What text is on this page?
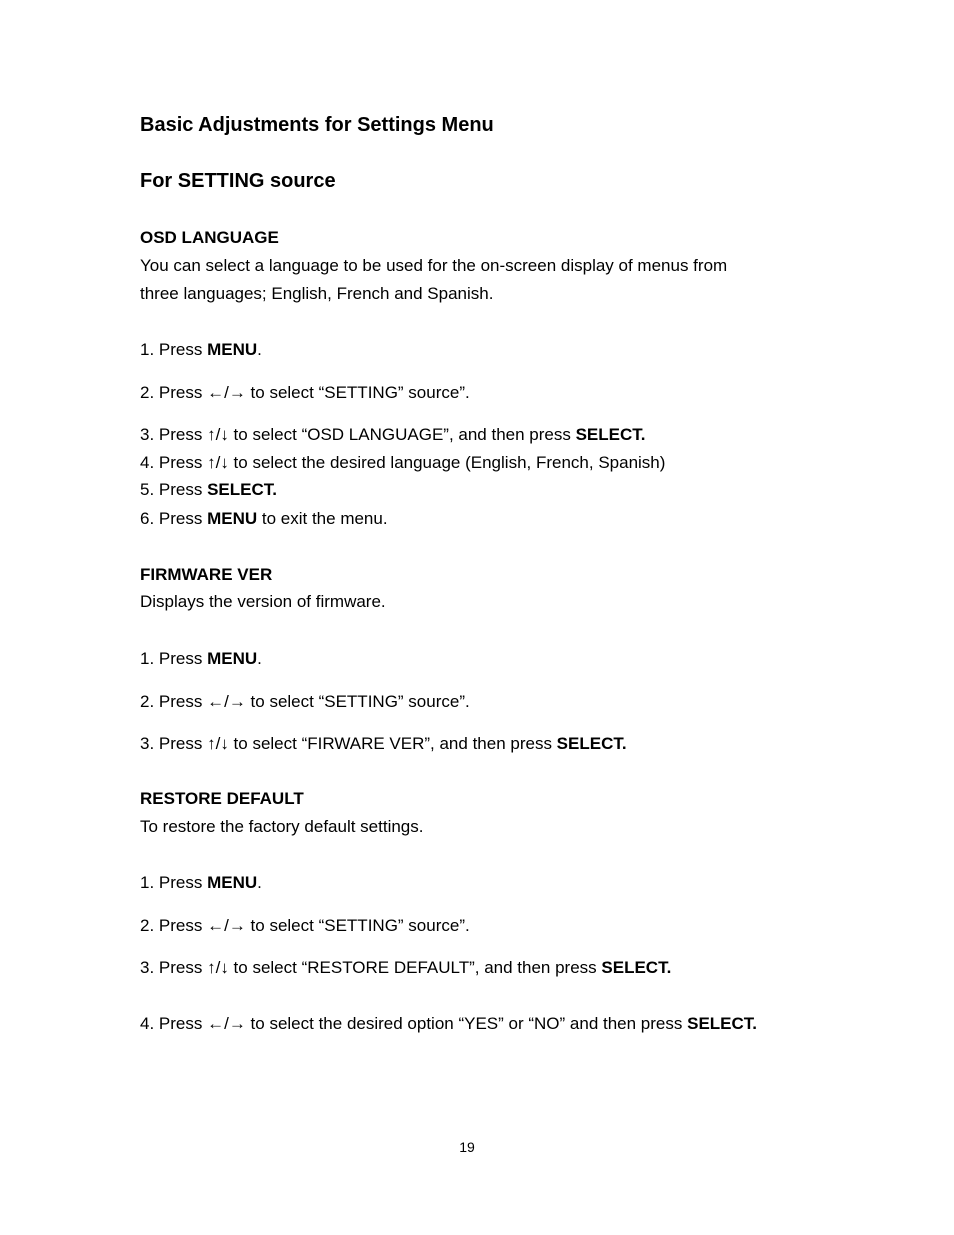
Basic Adjustments for Settings Menu

For SETTING source

OSD LANGUAGE

You can select a language to be used for the on-screen display of menus from

three languages; English, French and Spanish.

1. Press MENU.

2. Press ←/→ to select “SETTING” source”.

3. Press ↑/↓ to select “OSD LANGUAGE”, and then press SELECT.

4. Press ↑/↓ to select the desired language (English, French, Spanish)

5. Press SELECT.

6. Press MENU to exit the menu.

FIRMWARE VER

Displays the version of firmware.

1. Press MENU.

2. Press ←/→ to select “SETTING” source”.

3. Press ↑/↓ to select “FIRWARE VER”, and then press SELECT.

RESTORE DEFAULT

To restore the factory default settings.

1. Press MENU.

2. Press ←/→ to select “SETTING” source”.

3. Press ↑/↓ to select “RESTORE DEFAULT”, and then press SELECT.

4. Press ←/→ to select the desired option “YES” or “NO” and then press SELECT.

19
